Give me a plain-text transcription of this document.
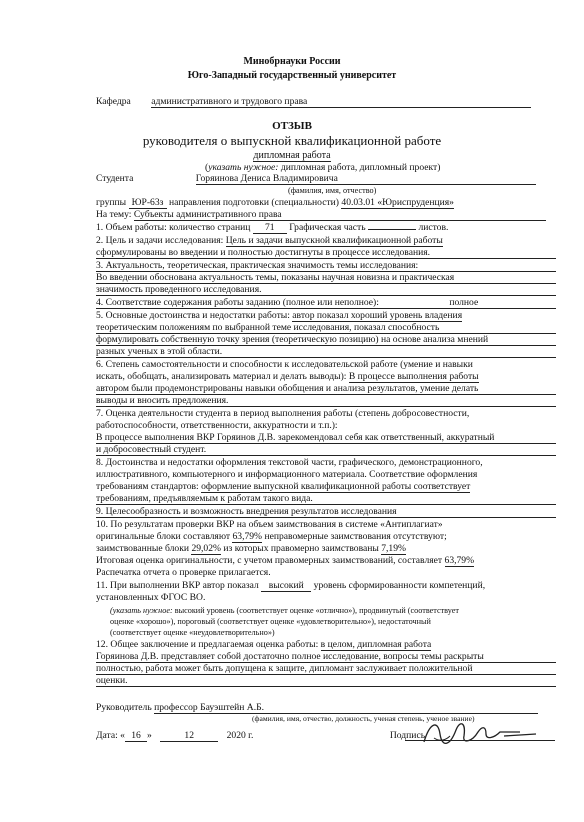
Минобрнауки России
Юго-Западный государственный университет
Кафедра административного и трудового права
ОТЗЫВ
руководителя о выпускной квалификационной работе
дипломная работа
(указать нужное: дипломная работа, дипломный проект)
Студента	Горяинова Дениса Владимировича
(фамилия, имя, отчество)
группы ЮР-63з направления подготовки (специальности) 40.03.01 «Юриспруденция»
На тему: Субъекты административного права
1. Объем работы: количество страниц 71 Графическая часть	листов.
2. Цель и задачи исследования: Цель и задачи выпускной квалификационной работы
сформулированы во введении и полностью достигнуты в процессе исследования.
3. Актуальность, теоретическая, практическая значимость темы исследования:
Во введении обоснована актуальность темы, показаны научная новизна и практическая
значимость проведенного исследования.
4. Соответствие содержания работы заданию (полное или неполное):	полное
5. Основные достоинства и недостатки работы: автор показал хороший уровень владения
теоретическим положениям по выбранной теме исследования, показал способность
формулировать собственную точку зрения (теоретическую позицию) на основе анализа мнений
разных ученых в этой области.
6. Степень самостоятельности и способности к исследовательской работе (умение и навыки
искать, обобщать, анализировать материал и делать выводы): В процессе выполнения работы
автором были продемонстрированы навыки обобщения и анализа результатов, умение делать
выводы и вносить предложения.
7. Оценка деятельности студента в период выполнения работы (степень добросовестности,
работоспособности, ответственности, аккуратности и т.п.):
В процессе выполнения ВКР Горяинов Д.В. зарекомендовал себя как ответственный, аккуратный
и добросовестный студент.
8. Достоинства и недостатки оформления текстовой части, графического, демонстрационного,
иллюстративного, компьютерного и информационного материала. Соответствие оформления
требованиям стандартов: оформление выпускной квалификационной работы соответствует
требованиям, предъявляемым к работам такого вида.
9. Целесообразность и возможность внедрения результатов исследования
10. По результатам проверки ВКР на объем заимствования в системе «Антиплагиат»
оригинальные блоки составляют 63,79% неправомерные заимствования отсутствуют;
заимствованные блоки 29,02% из которых правомерно заимствованы 7,19%
Итоговая оценка оригинальности, с учетом правомерных заимствований, составляет 63,79%
Распечатка отчета о проверке прилагается.
11. При выполнении ВКР автор показал высокий уровень сформированности компетенций,
установленных ФГОС ВО.
(указать нужное: высокий уровень (соответствует оценке «отлично»), продвинутый (соответствует
оценке «хорошо»), пороговый (соответствует оценке «удовлетворительно»), недостаточный
(соответствует оценке «неудовлетворительно»)
12. Общее заключение и предлагаемая оценка работы: в целом, дипломная работа
Горяинова Д.В. представляет собой достаточно полное исследование, вопросы темы раскрыты
полностью, работа может быть допущена к защите, дипломант заслуживает положительной
оценки.
Руководитель профессор Бауэштейн А.Б.
(фамилия, имя, отчество, должность, ученая степень, ученое звание)
Дата: « 16 »	12	2020 г.	Подпись
